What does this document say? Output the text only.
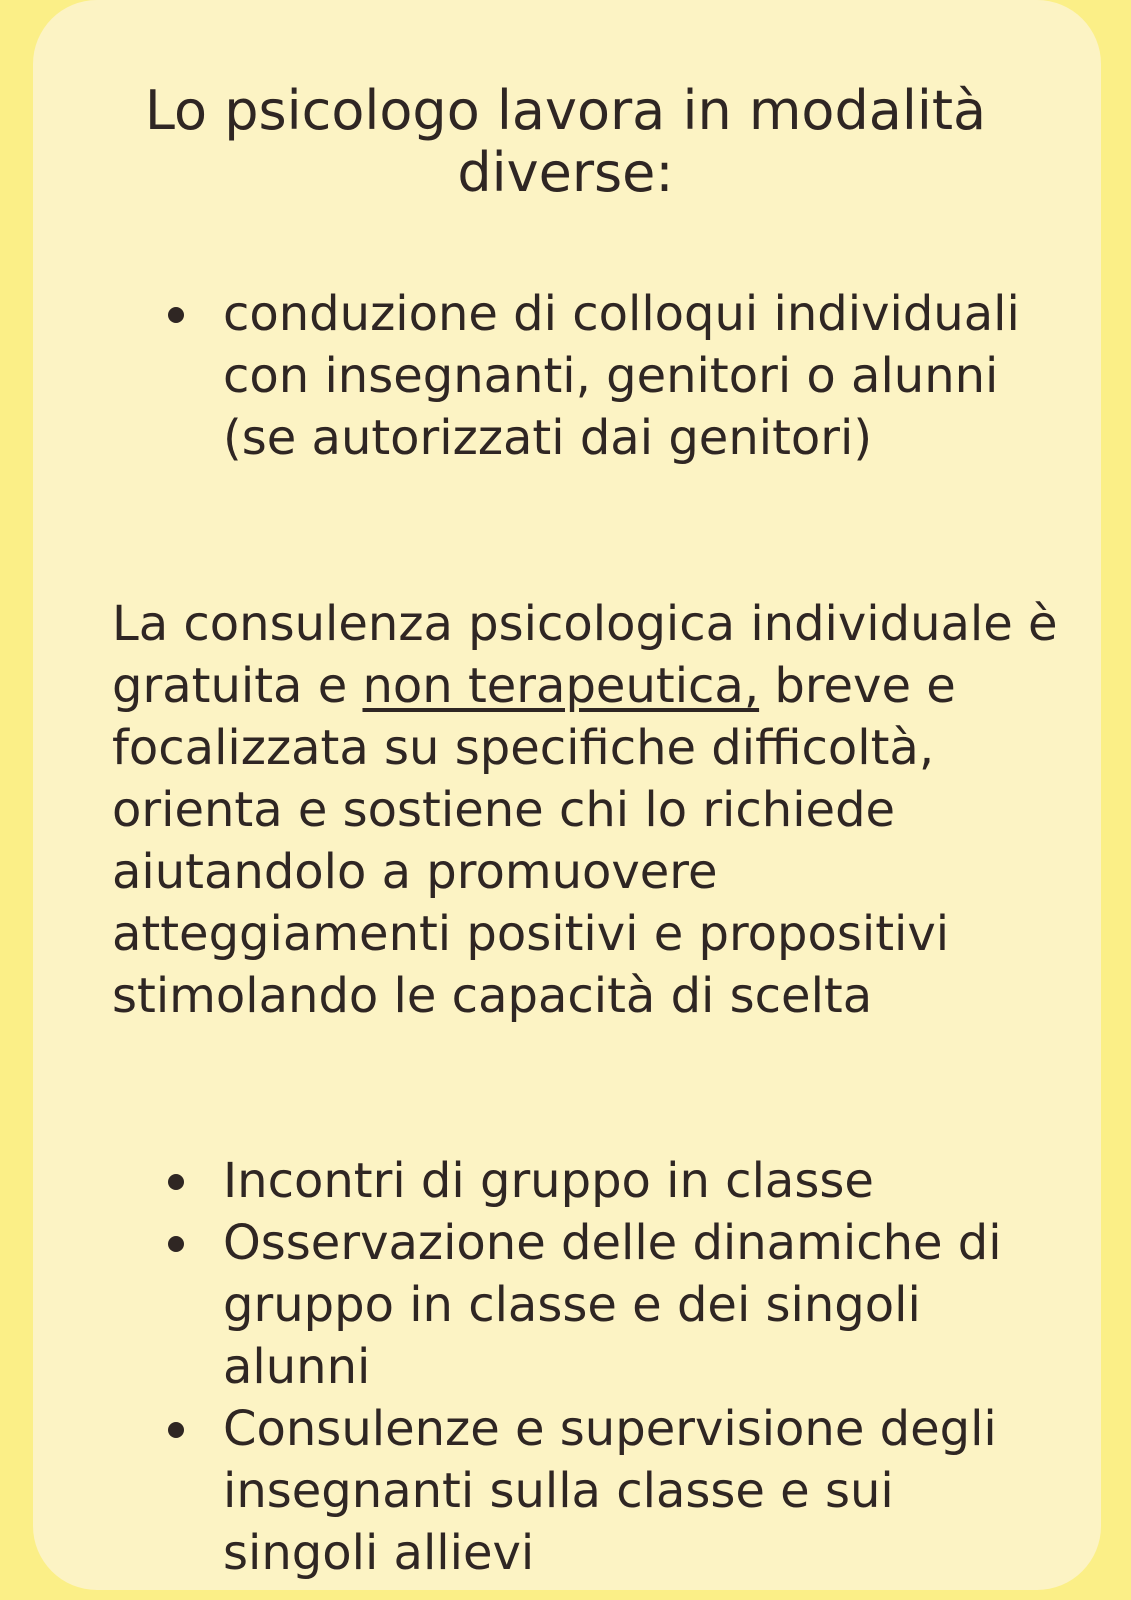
Lo psicologo lavora in modalità
diverse:
conduzione di colloqui individuali con insegnanti, genitori o alunni (se autorizzati dai genitori)
La consulenza psicologica individuale è gratuita e non terapeutica, breve e focalizzata su specifiche difficoltà, orienta e sostiene chi lo richiede aiutandolo a promuovere atteggiamenti positivi e propositivi stimolando le capacità di scelta
Incontri di gruppo in classe
Osservazione delle dinamiche di gruppo in classe e dei singoli alunni
Consulenze e supervisione degli insegnanti sulla classe e sui singoli allievi
